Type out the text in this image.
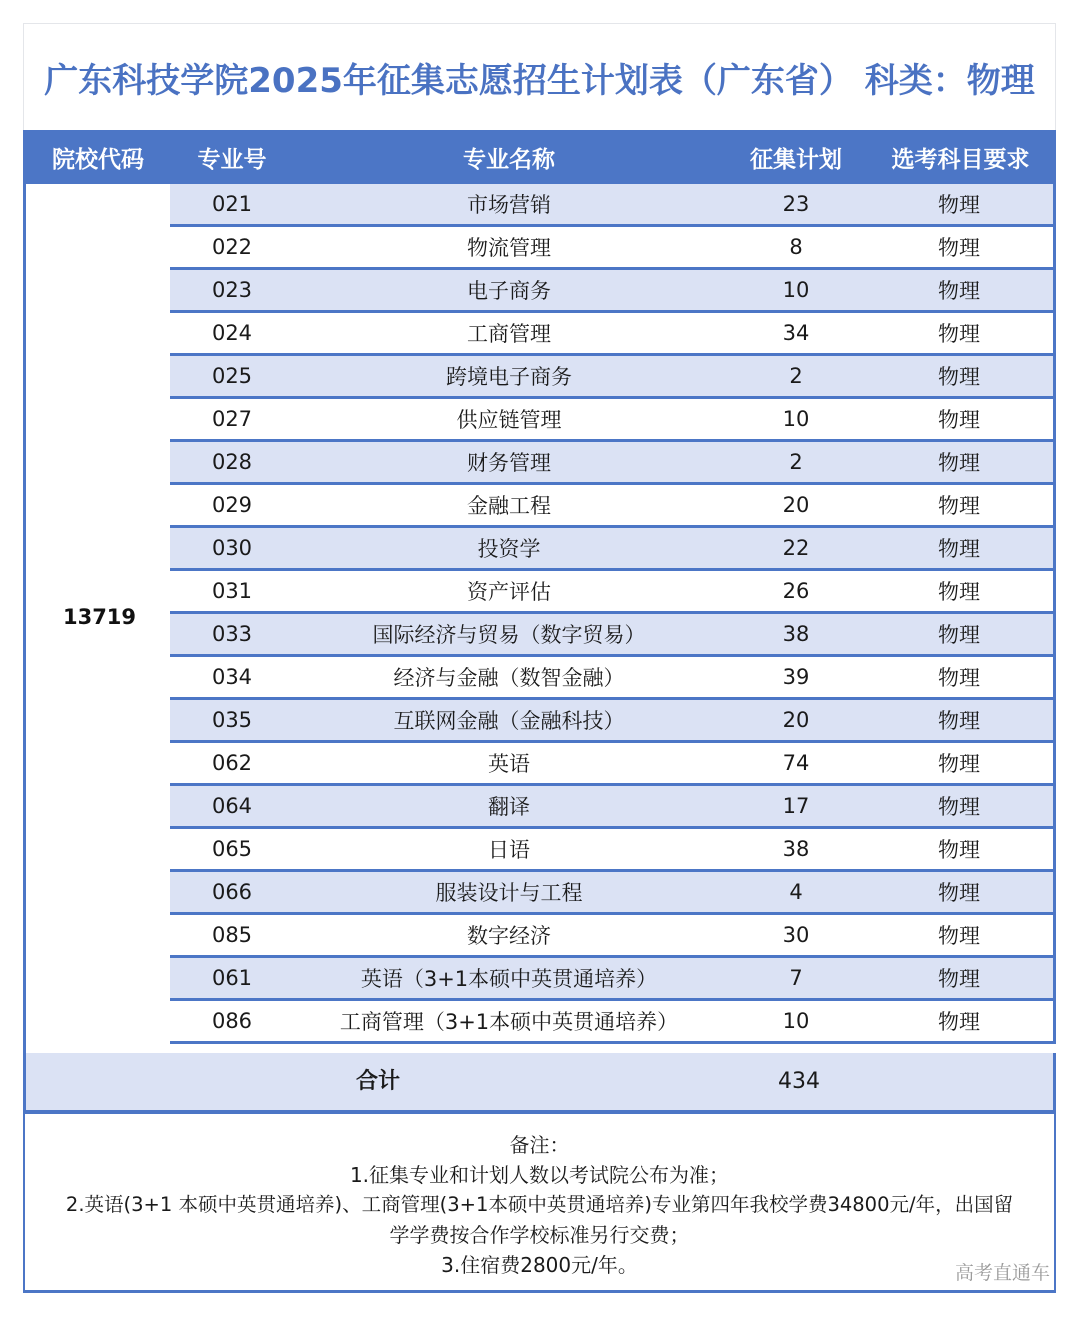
广东科技学院2025年征集志愿招生计划表（广东省） 科类：物理
院校代码	专业号	专业名称	征集计划	选考科目要求
13719
021	市场营销	23	物理
022	物流管理	8	物理
023	电子商务	10	物理
024	工商管理	34	物理
025	跨境电子商务	2	物理
027	供应链管理	10	物理
028	财务管理	2	物理
029	金融工程	20	物理
030	投资学	22	物理
031	资产评估	26	物理
033	国际经济与贸易（数字贸易）	38	物理
034	经济与金融（数智金融）	39	物理
035	互联网金融（金融科技）	20	物理
062	英语	74	物理
064	翻译	17	物理
065	日语	38	物理
066	服装设计与工程	4	物理
085	数字经济	30	物理
061	英语（3+1本硕中英贯通培养）	7	物理
086	工商管理（3+1本硕中英贯通培养）	10	物理
合计	434

备注：

1.征集专业和计划人数以考试院公布为准；

2.英语(3+1 本硕中英贯通培养)、工商管理(3+1本硕中英贯通培养)专业第四年我校学费34800元/年，出国留

学学费按合作学校标准另行交费；

3.住宿费2800元/年。	高考直通车
